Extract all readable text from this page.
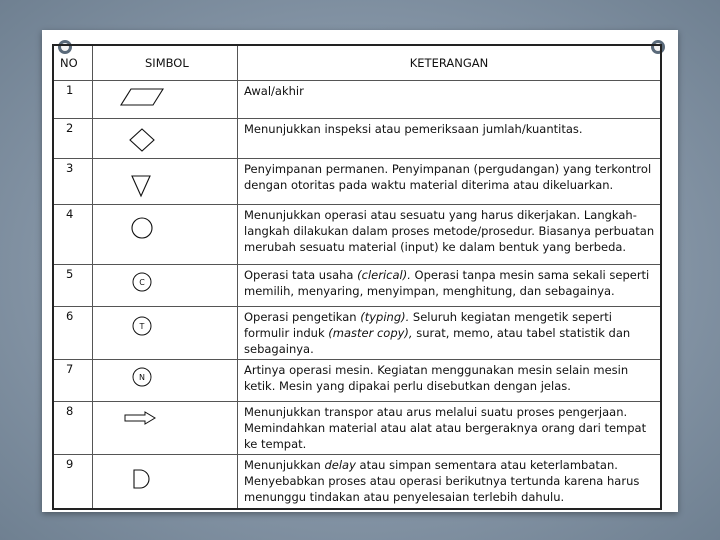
NO	SIMBOL	KETERANGAN
1		Awal/akhir
2		Menunjukkan inspeksi atau pemeriksaan jumlah/kuantitas.
3		Penyimpanan permanen. Penyimpanan (pergudangan) yang terkontrol dengan otoritas pada waktu material diterima atau dikeluarkan.
4		Menunjukkan operasi atau sesuatu yang harus dikerjakan. Langkah-langkah dilakukan dalam proses metode/prosedur. Biasanya perbuatan merubah sesuatu material (input) ke dalam bentuk yang berbeda.
5	C	Operasi tata usaha (clerical). Operasi tanpa mesin sama sekali seperti memilih, menyaring, menyimpan, menghitung, dan sebagainya.
6	T	Operasi pengetikan (typing). Seluruh kegiatan mengetik seperti formulir induk (master copy), surat, memo, atau tabel statistik dan sebagainya.
7	N	Artinya operasi mesin. Kegiatan menggunakan mesin selain mesin ketik. Mesin yang dipakai perlu disebutkan dengan jelas.
8		Menunjukkan transpor atau arus melalui suatu proses pengerjaan. Memindahkan material atau alat atau bergeraknya orang dari tempat ke tempat.
9		Menunjukkan delay atau simpan sementara atau keterlambatan. Menyebabkan proses atau operasi berikutnya tertunda karena harus menunggu tindakan atau penyelesaian terlebih dahulu.
